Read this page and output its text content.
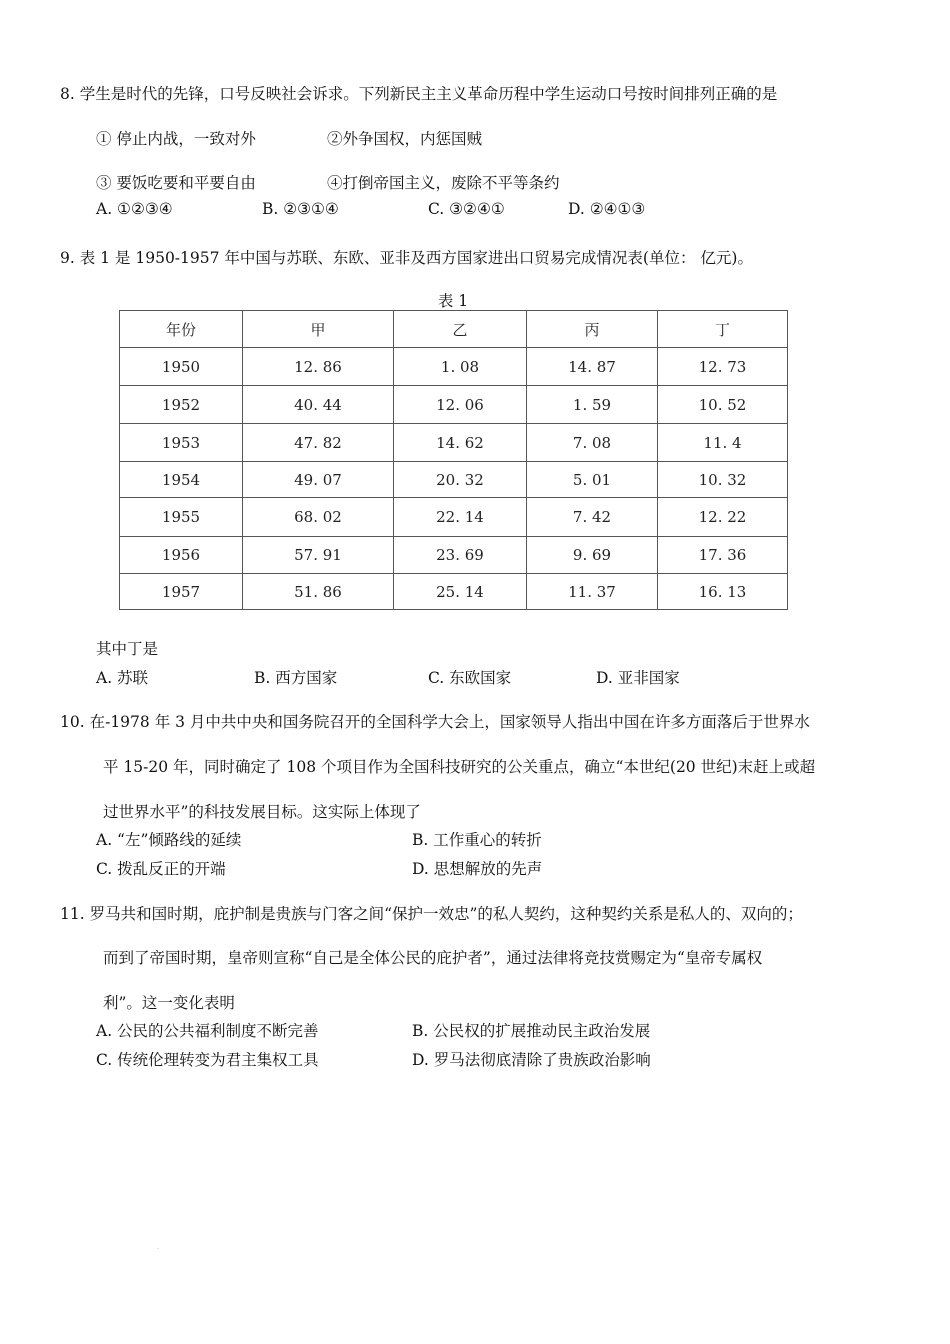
8. 学生是时代的先锋，口号反映社会诉求。下列新民主主义革命历程中学生运动口号按时间排列正确的是
① 停止内战，一致对外	②外争国权，内惩国贼
③ 要饭吃要和平要自由	④打倒帝国主义，废除不平等条约
A. ①②③④	B. ②③①④	C. ③②④①	D. ②④①③
9. 表 1 是 1950-1957 年中国与苏联、东欧、亚非及西方国家进出口贸易完成情况表(单位： 亿元)。
表 1
年份	甲	乙	丙	丁
1950	12. 86	1. 08	14. 87	12. 73
1952	40. 44	12. 06	1. 59	10. 52
1953	47. 82	14. 62	7. 08	11. 4
1954	49. 07	20. 32	5. 01	10. 32
1955	68. 02	22. 14	7. 42	12. 22
1956	57. 91	23. 69	9. 69	17. 36
1957	51. 86	25. 14	11. 37	16. 13
其中丁是
A. 苏联	B. 西方国家	C. 东欧国家	D. 亚非国家
10. 在-1978 年 3 月中共中央和国务院召开的全国科学大会上，国家领导人指出中国在许多方面落后于世界水
平 15-20 年，同时确定了 108 个项目作为全国科技研究的公关重点，确立“本世纪(20 世纪)末赶上或超
过世界水平”的科技发展目标。这实际上体现了
A. “左”倾路线的延续	B. 工作重心的转折
C. 拨乱反正的开端	D. 思想解放的先声
11. 罗马共和国时期，庇护制是贵族与门客之间“保护一效忠”的私人契约，这种契约关系是私人的、双向的；
而到了帝国时期，皇帝则宣称“自己是全体公民的庇护者”，通过法律将竞技赏赐定为“皇帝专属权
利”。这一变化表明
A. 公民的公共福利制度不断完善	B. 公民权的扩展推动民主政治发展
C. 传统伦理转变为君主集权工具	D. 罗马法彻底清除了贵族政治影响
·
